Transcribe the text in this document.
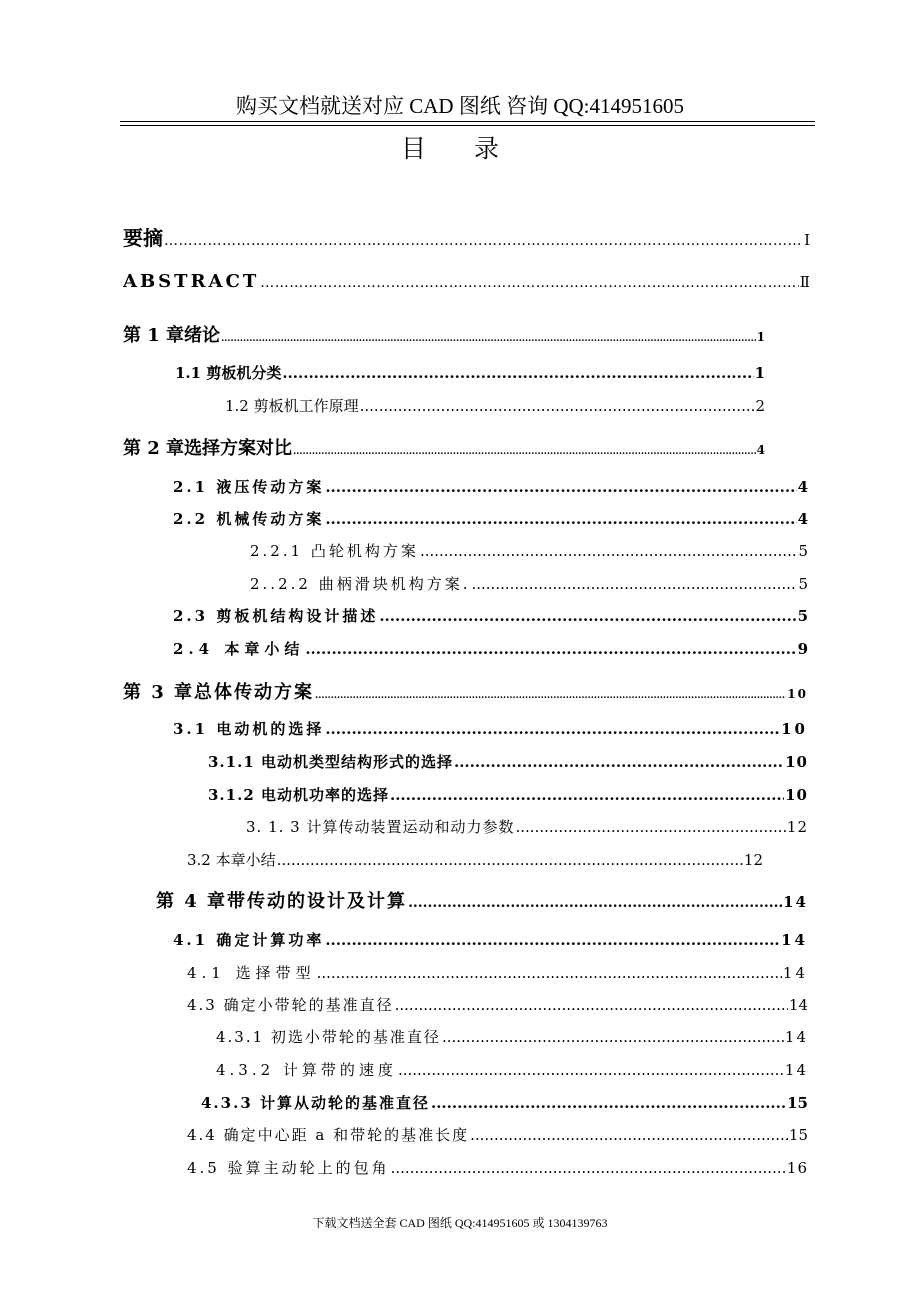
购买文档就送对应 CAD 图纸 咨询 QQ:414951605
目 录
要摘 …………………………………………………………………………………………………………………………………………………………………………	Ⅰ
ABSTRACT …………………………………………………………………………………………………………………………………………………………………………	Ⅱ
第 1 章绪论 .....	1
1.1 剪板机分类 .....	1
1.2 剪板机工作原理 .....	2
第 2 章选择方案对比 .....	4
2.1 液压传动方案 .....	4
2.2 机械传动方案 .....	4
2.2.1 凸轮机构方案 .....	5
2..2.2 曲柄滑块机构方案. .....	5
2.3 剪板机结构设计描述 .....	5
2.4 本章小结 .....	9
第 3 章总体传动方案 .....	10
3.1 电动机的选择 .....	10
3.1.1 电动机类型结构形式的选择 .....	10
3.1.2 电动机功率的选择 .....	10
3. 1. 3 计算传动装置运动和动力参数 .....	12
3.2 本章小结 .....	12
第 4 章带传动的设计及计算 .....	14
4.1 确定计算功率 .....	14
4.1 选择带型 .....	14
4.3 确定小带轮的基准直径 .....	14
4.3.1 初选小带轮的基准直径 .....	14
4.3.2 计算带的速度 .....	14
4.3.3 计算从动轮的基准直径 .....	15
4.4 确定中心距 a 和带轮的基准长度 .....	15
4.5 验算主动轮上的包角 .....	16
下载文档送全套 CAD 图纸 QQ:414951605 或 1304139763
